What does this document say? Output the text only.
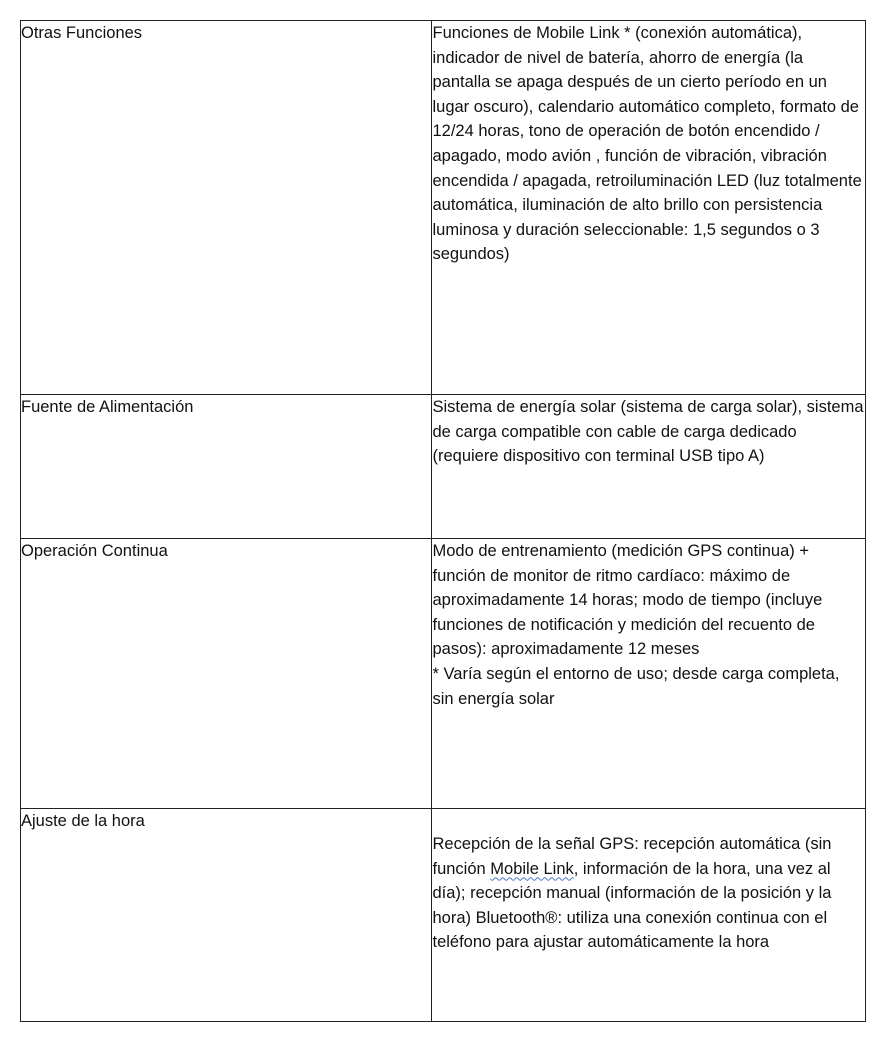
Otras Funciones	Funciones de Mobile Link * (conexión automática), indicador de nivel de batería, ahorro de energía (la pantalla se apaga después de un cierto período en un lugar oscuro), calendario automático completo, formato de 12/24 horas, tono de operación de botón encendido / apagado, modo avión , función de vibración, vibración encendida / apagada, retroiluminación LED (luz totalmente automática, iluminación de alto brillo con persistencia luminosa y duración seleccionable: 1,5 segundos o 3 segundos)
Fuente de Alimentación	Sistema de energía solar (sistema de carga solar), sistema de carga compatible con cable de carga dedicado (requiere dispositivo con terminal USB tipo A)
Operación Continua	Modo de entrenamiento (medición GPS continua) + función de monitor de ritmo cardíaco: máximo de aproximadamente 14 horas; modo de tiempo (incluye funciones de notificación y medición del recuento de pasos): aproximadamente 12 meses
* Varía según el entorno de uso; desde carga completa, sin energía solar

Ajuste de la hora	Recepción de la señal GPS: recepción automática (sin función Mobile Link, información de la hora, una vez al día); recepción manual (información de la posición y la hora) Bluetooth®: utiliza una conexión continua con el teléfono para ajustar automáticamente la hora
